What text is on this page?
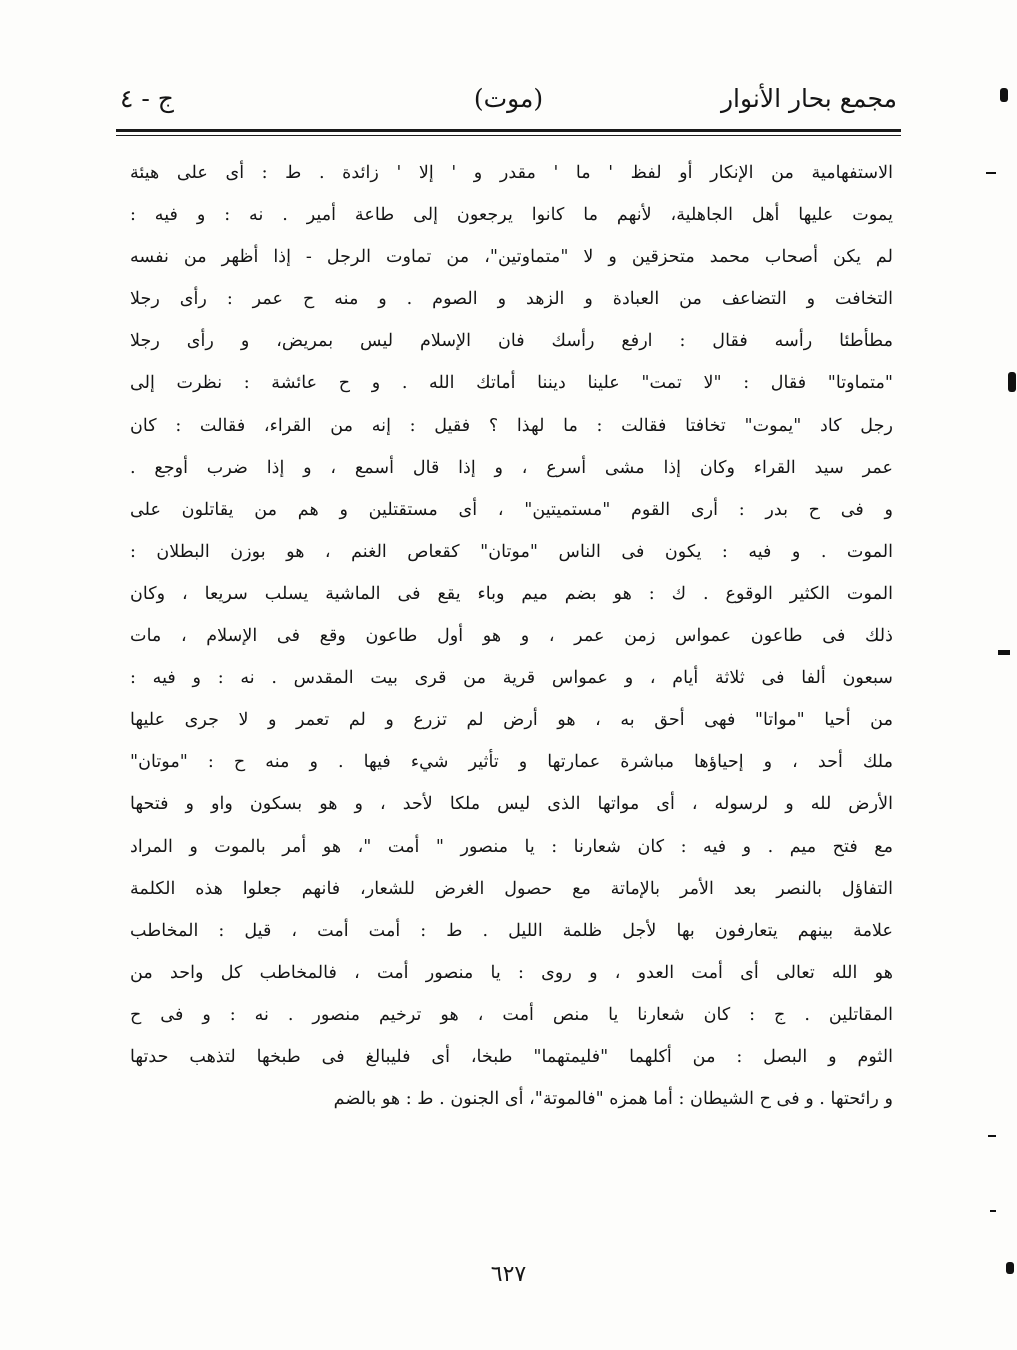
مجمع بحار الأنوار
(موت)
ج - ٤
الاستفهامية من الإنكار أو لفظ ' ما ' مقدر و ' إلا ' زائدة . ط : أى على هيئة
يموت عليها أهل الجاهلية، لأنهم ما كانوا يرجعون إلى طاعة أمير . نه : و فيه :
لم يكن أصحاب محمد متحزقين و لا "متماوتين"، من تماوت الرجل - إذا أظهر من نفسه
التخافت و التضاعف من العبادة و الزهد و الصوم . و منه ح عمر : رأى رجلا
مطأطئا رأسه فقال : ارفع رأسك فان الإسلام ليس بمريض، و رأى رجلا
"متماوتا" فقال : "لا تمت" علينا ديننا أماتك الله . و ح عائشة : نظرت إلى
رجل كاد "يموت" تخافتا فقالت : ما لهذا ؟ فقيل : إنه من القراء، فقالت : كان
عمر سيد القراء وكان إذا مشى أسرع ، و إذا قال أسمع ، و إذا ضرب أوجع .
و فى ح بدر : أرى القوم "مستميتين" ، أى مستقتلين و هم من يقاتلون على
الموت . و فيه : يكون فى الناس "موتان" كقعاص الغنم ، هو بوزن البطلان :
الموت الكثير الوقوع . ك : هو بضم ميم وباء يقع فى الماشية يسلب سريعا ، وكان
ذلك فى طاعون عمواس زمن عمر ، و هو أول طاعون وقع فى الإسلام ، مات
سبعون ألفا فى ثلاثة أيام ، و عمواس قرية من قرى بيت المقدس . نه : و فيه :
من أحيا "مواتا" فهى أحق به ، هو أرض لم تزرع و لم تعمر و لا جرى عليها
ملك أحد ، و إحياؤها مباشرة عمارتها و تأثير شيء فيها . و منه ح : "موتان"
الأرض لله و لرسوله ، أى مواتها الذى ليس ملكا لأحد ، و هو بسكون واو و فتحها
مع فتح ميم . و فيه : كان شعارنا : يا منصور " أمت "، هو أمر بالموت و المراد
التفاؤل بالنصر بعد الأمر بالإماتة مع حصول الغرض للشعار، فانهم جعلوا هذه الكلمة
علامة بينهم يتعارفون بها لأجل ظلمة الليل . ط : أمت أمت ، قيل : المخاطب
هو الله تعالى أى أمت العدو ، و روى : يا منصور أمت ، فالمخاطب كل واحد من
المقاتلين . ج : كان شعارنا يا منص أمت ، هو ترخيم منصور . نه : و فى ح
الثوم و البصل : من أكلهما "فليمتهما" طبخا، أى فليبالغ فى طبخها لتذهب حدتها
و رائحتها . و فى ح الشيطان : أما همزه "فالموتة"، أى الجنون . ط : هو بالضم
٦٢٧
